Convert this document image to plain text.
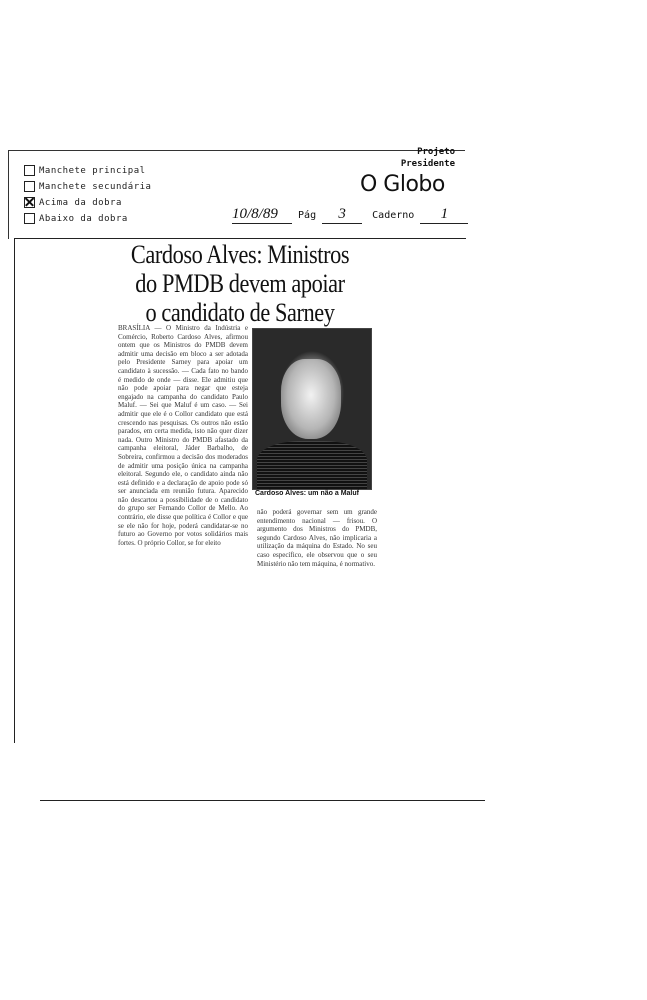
Manchete principal
Manchete secundária
Acima da dobra
Abaixo da dobra
Projeto
Presidente
O Globo
10/8/89 Pág 3	Caderno 1
Cardoso Alves: Ministros
do PMDB devem apoiar
o candidato de Sarney
BRASÍLIA — O Ministro da Indústria e Comércio, Roberto Cardoso Alves, afirmou ontem que os Ministros do PMDB devem admitir uma decisão em bloco a ser adotada pelo Presidente Sarney para apoiar um candidato à sucessão. — Cada fato no bando é medido de onde — disse. Ele admitiu que não pode apoiar para negar que esteja engajado na campanha do candidato Paulo Maluf. — Sei que Maluf é um caso. — Sei admitir que ele é o Collor candidato que está crescendo nas pesquisas. Os outros não estão parados, em certa medida, isto não quer dizer nada. Outro Ministro do PMDB afastado da campanha eleitoral, Jáder Barbalho, de Sobreira, confirmou a decisão dos moderados de admitir uma posição única na campanha eleitoral. Segundo ele, o candidato ainda não está definido e a declaração de apoio pode só ser anunciada em reunião futura. Aparecido não descartou a possibilidade de o candidato do grupo ser Fernando Collor de Mello. Ao contrário, ele disse que política é Collor e que se ele não for hoje, poderá candidatar-se no futuro ao Governo por votos solidários mais fortes. O próprio Collor, se for eleito
Cardoso Alves: um não a Maluf
não poderá governar sem um grande entendimento nacional — frisou. O argumento dos Ministros do PMDB, segundo Cardoso Alves, não implicaria a utilização da máquina do Estado. No seu caso específico, ele observou que o seu Ministério não tem máquina, é normativo.
